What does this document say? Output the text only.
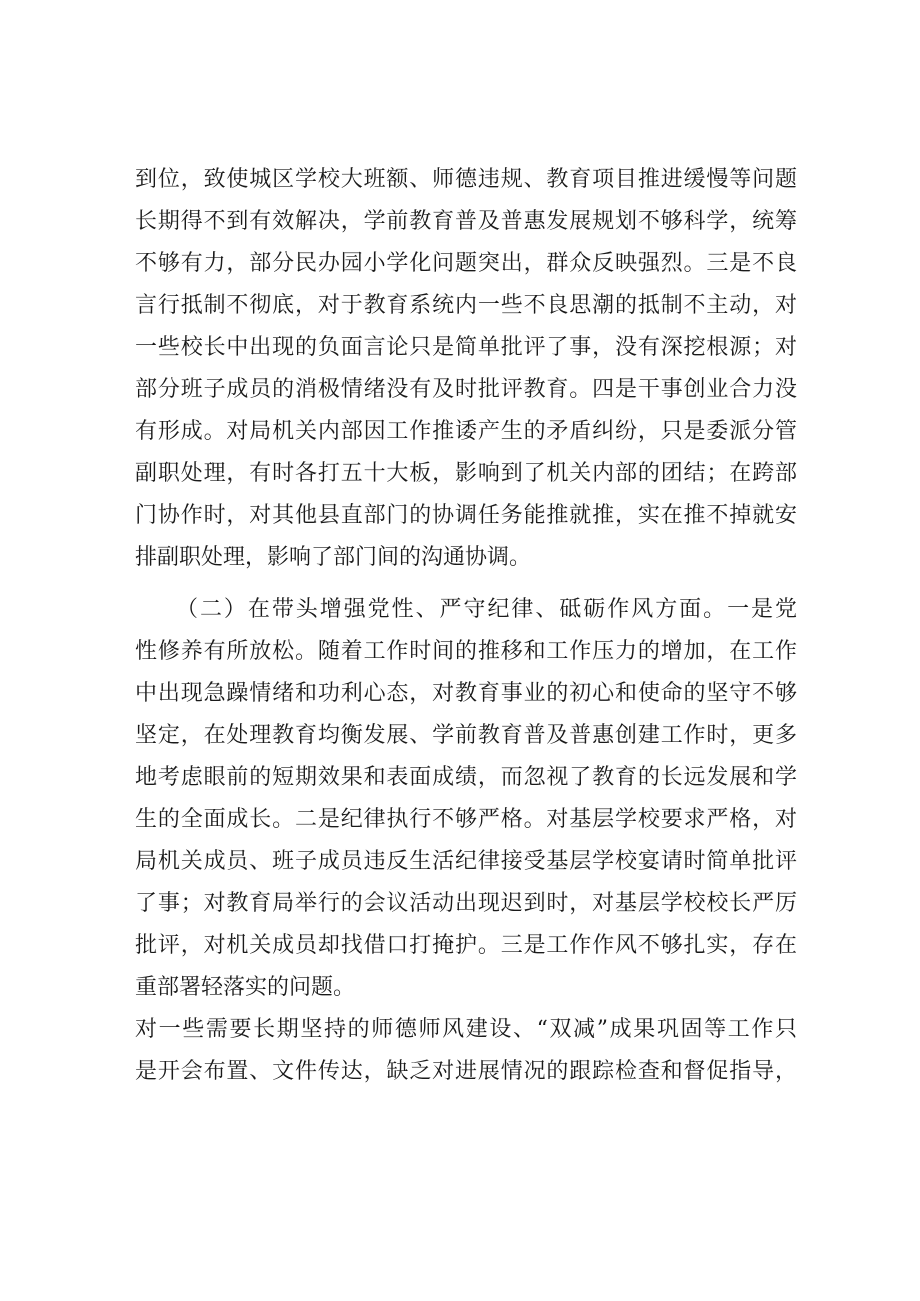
到位，致使城区学校大班额、师德违规、教育项目推进缓慢等问题
长期得不到有效解决，学前教育普及普惠发展规划不够科学，统筹
不够有力，部分民办园小学化问题突出，群众反映强烈。三是不良
言行抵制不彻底，对于教育系统内一些不良思潮的抵制不主动，对
一些校长中出现的负面言论只是简单批评了事，没有深挖根源；对
部分班子成员的消极情绪没有及时批评教育。四是干事创业合力没
有形成。对局机关内部因工作推诿产生的矛盾纠纷，只是委派分管
副职处理，有时各打五十大板，影响到了机关内部的团结；在跨部
门协作时，对其他县直部门的协调任务能推就推，实在推不掉就安
排副职处理，影响了部门间的沟通协调。
（二）在带头增强党性、严守纪律、砥砺作风方面。一是党
性修养有所放松。随着工作时间的推移和工作压力的增加，在工作
中出现急躁情绪和功利心态，对教育事业的初心和使命的坚守不够
坚定，在处理教育均衡发展、学前教育普及普惠创建工作时，更多
地考虑眼前的短期效果和表面成绩，而忽视了教育的长远发展和学
生的全面成长。二是纪律执行不够严格。对基层学校要求严格，对
局机关成员、班子成员违反生活纪律接受基层学校宴请时简单批评
了事；对教育局举行的会议活动出现迟到时，对基层学校校长严厉
批评，对机关成员却找借口打掩护。三是工作作风不够扎实，存在
重部署轻落实的问题。
对一些需要长期坚持的师德师风建设、“双减”成果巩固等工作只
是开会布置、文件传达，缺乏对进展情况的跟踪检查和督促指导，
